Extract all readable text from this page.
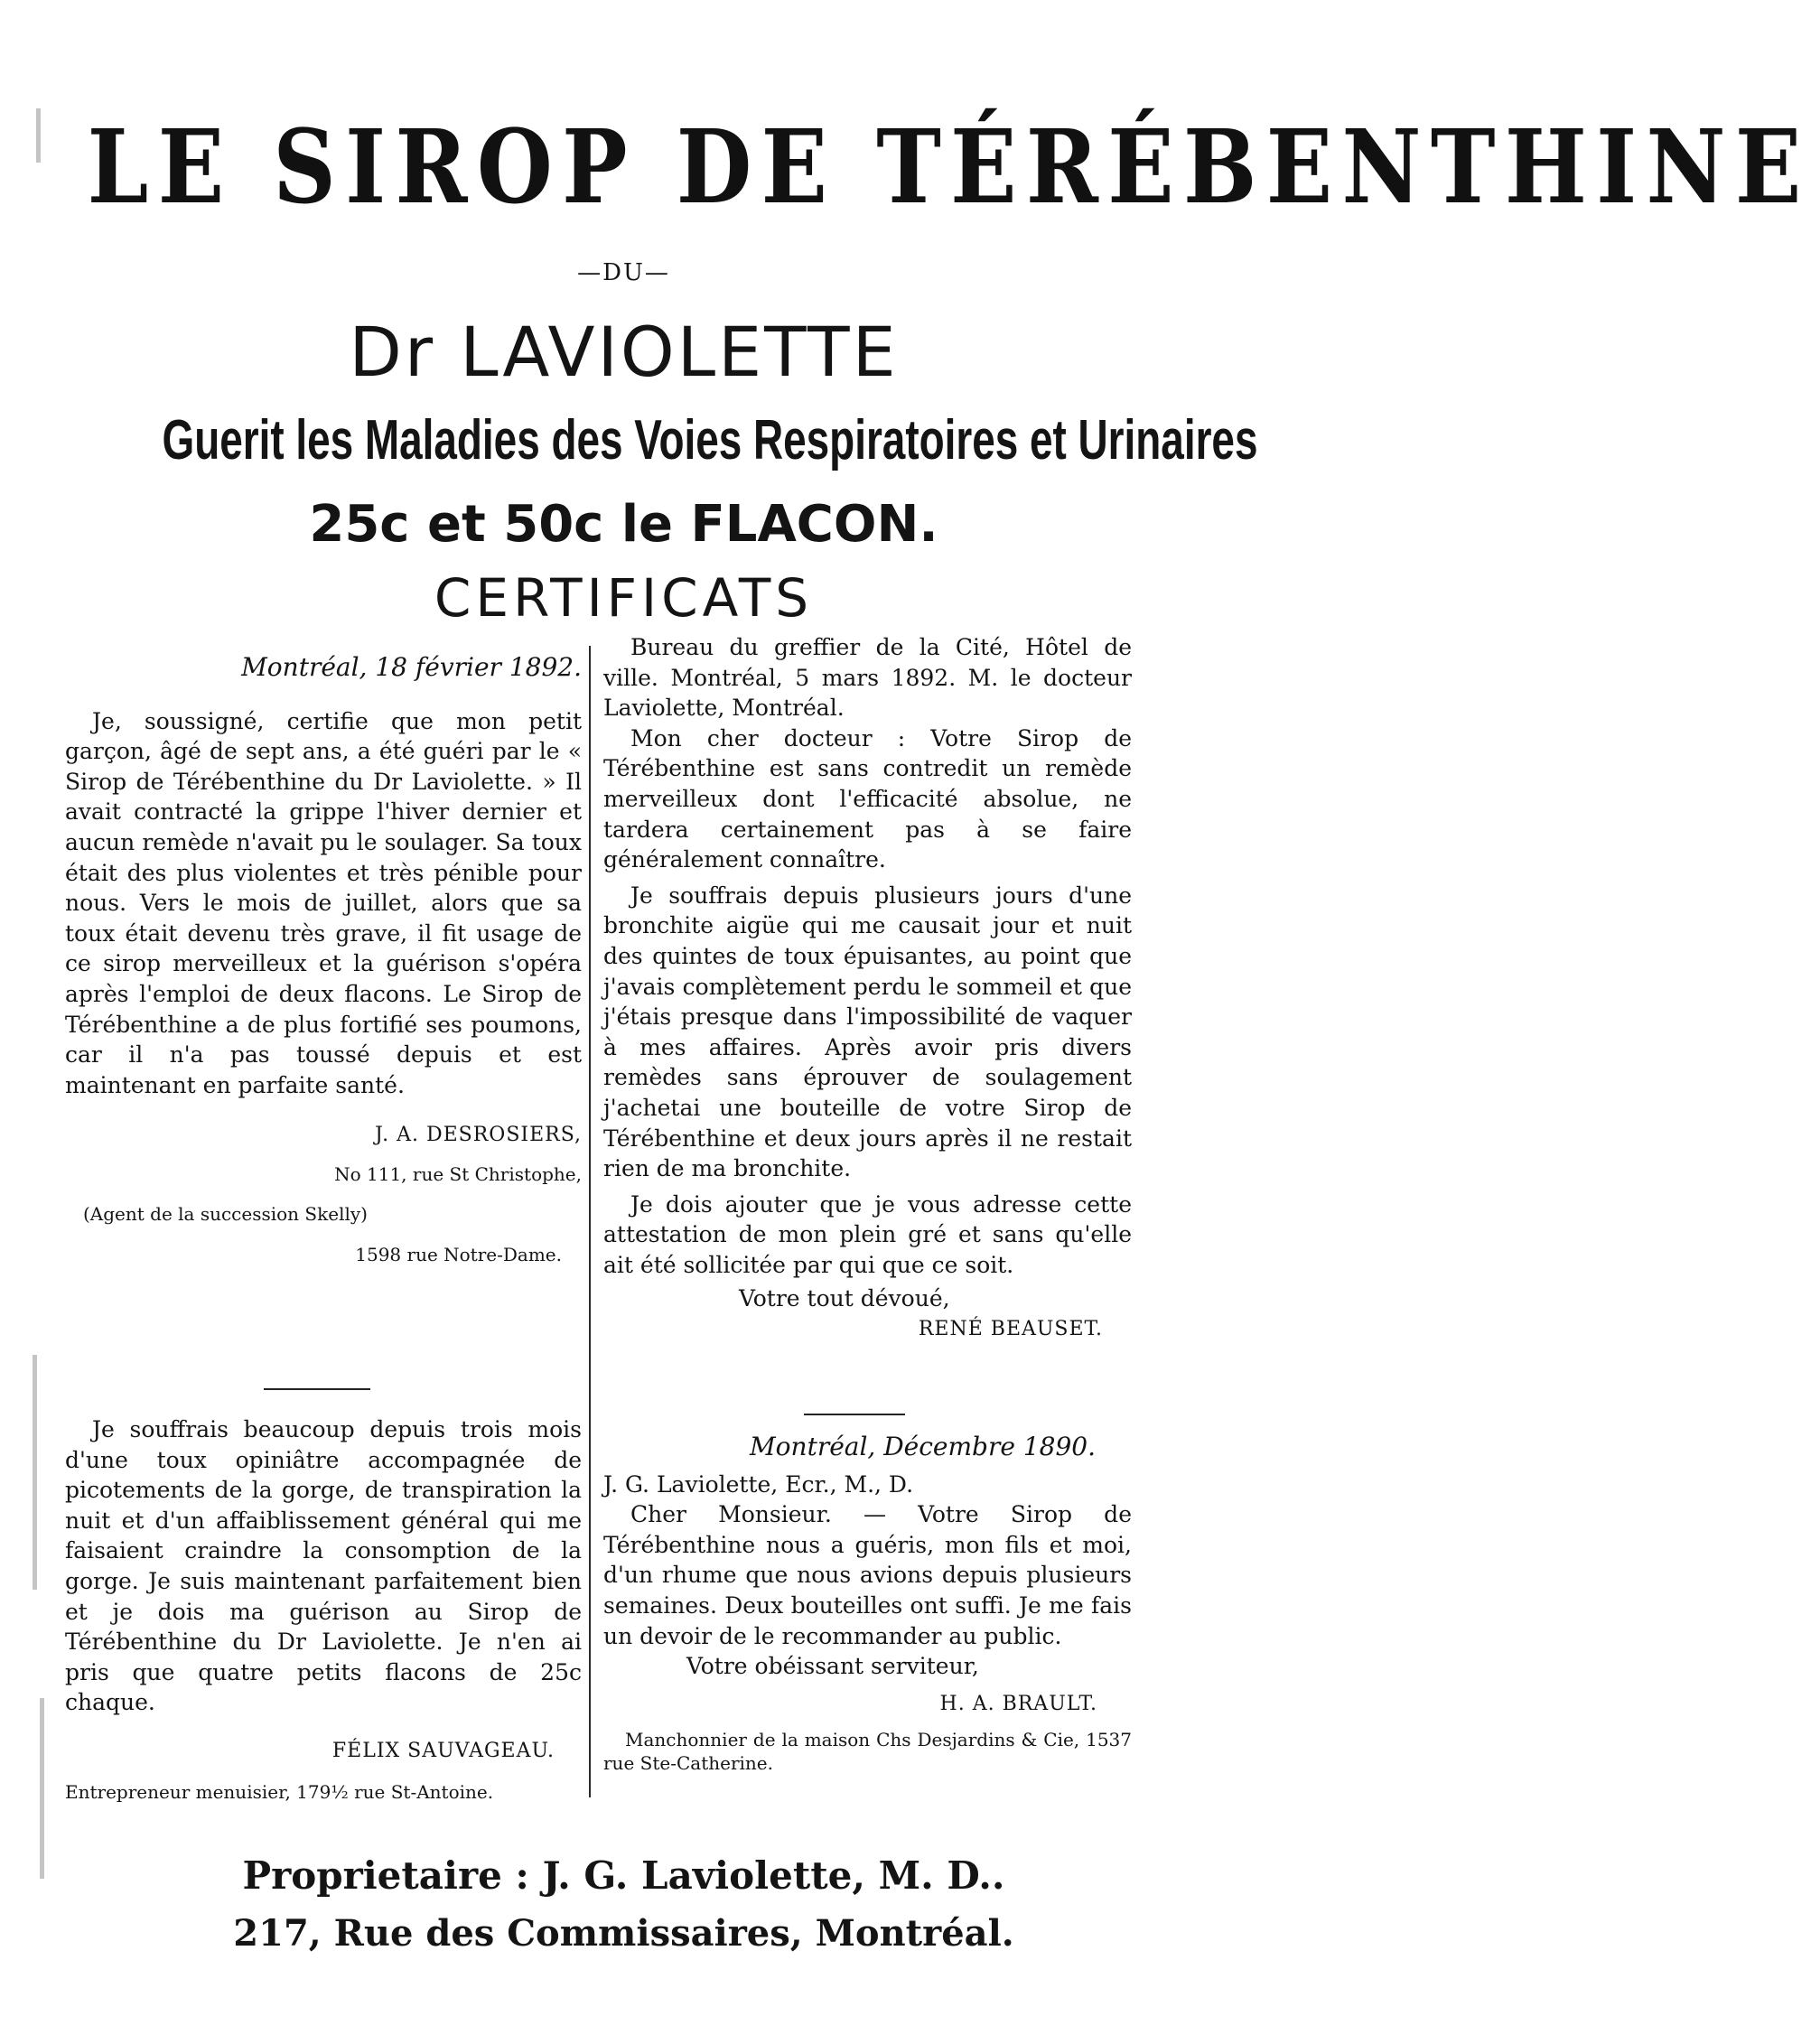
LE SIROP DE TÉRÉBENTHINE
—DU—
Dr LAVIOLETTE
Guerit les Maladies des Voies Respiratoires et Urinaires
25c et 50c le FLACON.
CERTIFICATS

Montréal, 18 février 1892.

Je, soussigné, certifie que mon petit garçon, âgé de sept ans, a été guéri par le « Sirop de Térébenthine du Dr Laviolette. » Il avait contracté la grippe l'hiver dernier et aucun remède n'avait pu le soulager. Sa toux était des plus violentes et très pénible pour nous. Vers le mois de juillet, alors que sa toux était devenu très grave, il fit usage de ce sirop merveilleux et la guérison s'opéra après l'emploi de deux flacons. Le Sirop de Térébenthine a de plus fortifié ses poumons, car il n'a pas toussé depuis et est maintenant en parfaite santé.

J. A. DESROSIERS,

No 111, rue St Christophe,

(Agent de la succession Skelly)

1598 rue Notre-Dame.

Je souffrais beaucoup depuis trois mois d'une toux opiniâtre accompagnée de picotements de la gorge, de transpiration la nuit et d'un affaiblissement général qui me faisaient craindre la consomption de la gorge. Je suis maintenant parfaitement bien et je dois ma guérison au Sirop de Térébenthine du Dr Laviolette. Je n'en ai pris que quatre petits flacons de 25c chaque.

FÉLIX SAUVAGEAU.

Entrepreneur menuisier, 179½ rue St-Antoine.

Bureau du greffier de la Cité, Hôtel de ville. Montréal, 5 mars 1892. M. le docteur Laviolette, Montréal.

Mon cher docteur : Votre Sirop de Térébenthine est sans contredit un remède merveilleux dont l'efficacité absolue, ne tardera certainement pas à se faire généralement connaître.

Je souffrais depuis plusieurs jours d'une bronchite aigüe qui me causait jour et nuit des quintes de toux épuisantes, au point que j'avais complètement perdu le sommeil et que j'étais presque dans l'impossibilité de vaquer à mes affaires. Après avoir pris divers remèdes sans éprouver de soulagement j'achetai une bouteille de votre Sirop de Térébenthine et deux jours après il ne restait rien de ma bronchite.

Je dois ajouter que je vous adresse cette attestation de mon plein gré et sans qu'elle ait été sollicitée par qui que ce soit.

Votre tout dévoué,

RENÉ BEAUSET.

Montréal, Décembre 1890.

J. G. Laviolette, Ecr., M., D.

Cher Monsieur. — Votre Sirop de Térébenthine nous a guéris, mon fils et moi, d'un rhume que nous avions depuis plusieurs semaines. Deux bouteilles ont suffi. Je me fais un devoir de le recommander au public.

Votre obéissant serviteur,

H. A. BRAULT.

Manchonnier de la maison Chs Desjardins & Cie, 1537 rue Ste-Catherine.

Proprietaire : J. G. Laviolette, M. D..
217, Rue des Commissaires, Montréal.
